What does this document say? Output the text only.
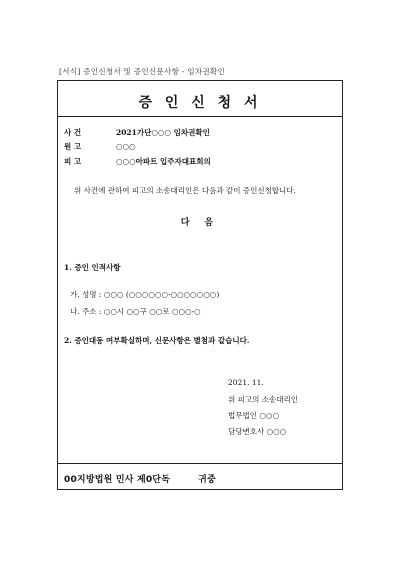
[서식] 증인신청서 및 증인신문사항 - 임차권확인
증 인 신 청 서
사 건	2021가단○○○ 임차권확인
원 고	○○○
피 고	○○○아파트 입주자대표회의
위 사건에 관하여 피고의 소송대리인은 다음과 같이 증인신청합니다.
다 음
1. 증인 인적사항
가. 성명 : ○○○ (○○○○○○-○○○○○○○)
나. 주소 : ○○시 ○○구 ○○로 ○○○-○
2. 증인대동 여부확실하며, 신문사항은 별첨과 같습니다.
2021. 11.
위 피고의 소송대리인
법무법인 ○○○
담당변호사 ○○○
00지방법원 민사 제0단독	귀중
